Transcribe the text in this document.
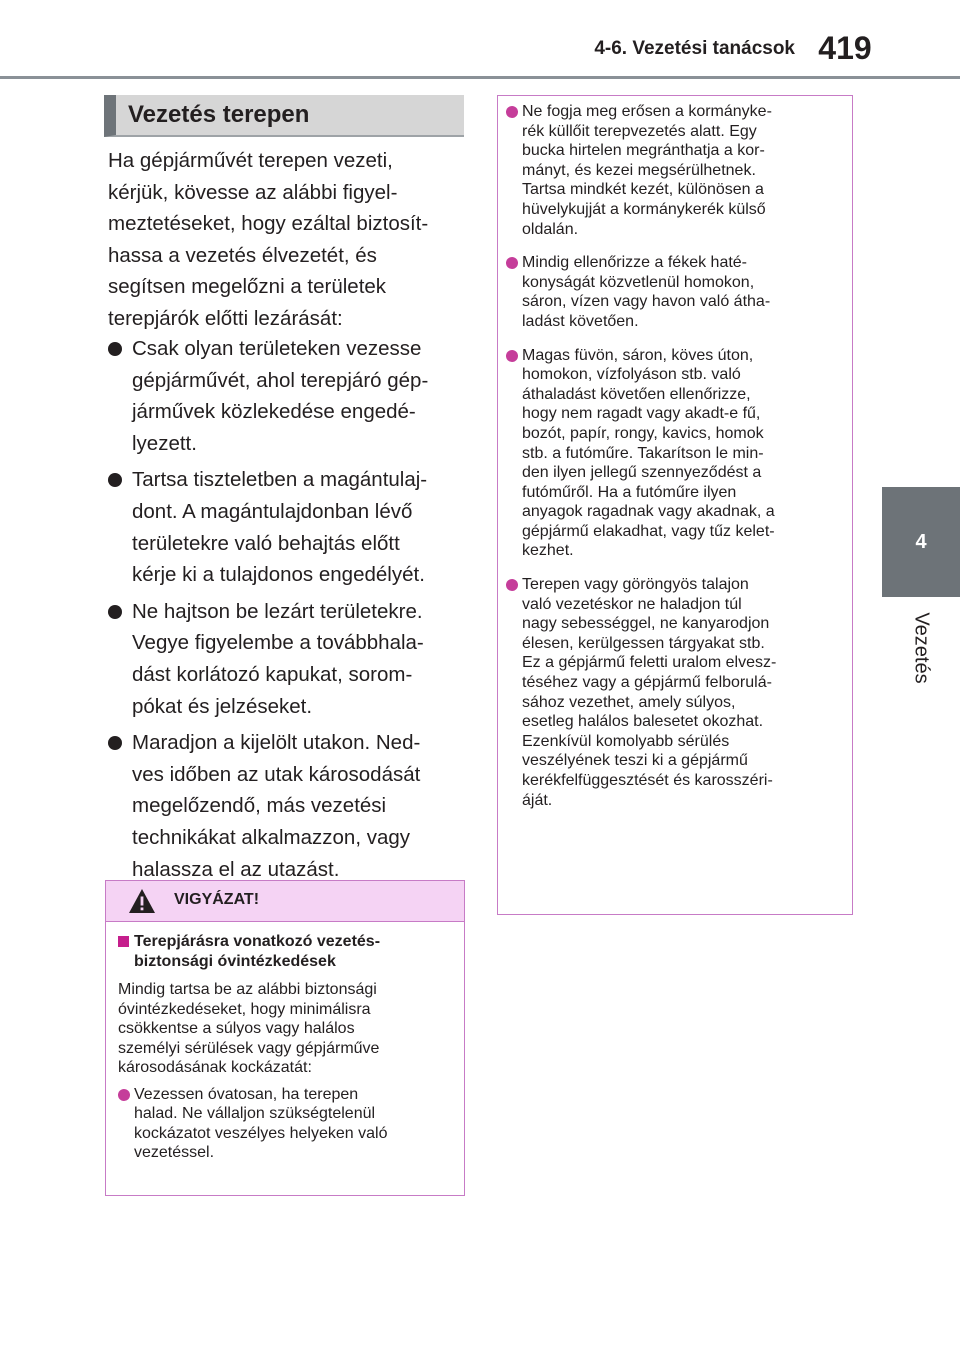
4-6. Vezetési tanácsok 419
4
Vezetés
Vezetés terepen

Ha gépjárművét terepen vezeti,
kérjük, kövesse az alábbi figyel-
meztetéseket, hogy ezáltal biztosít-
hassa a vezetés élvezetét, és
segítsen megelőzni a területek
terepjárók előtti lezárását:

Csak olyan területeken vezesse
gépjárművét, ahol terepjáró gép-
járművek közlekedése engedé-
lyezett.
Tartsa tiszteletben a magántulaj-
dont. A magántulajdonban lévő
területekre való behajtás előtt
kérje ki a tulajdonos engedélyét.
Ne hajtson be lezárt területekre.
Vegye figyelembe a továbbhala-
dást korlátozó kapukat, sorom-
pókat és jelzéseket.
Maradjon a kijelölt utakon. Ned-
ves időben az utak károsodását
megelőzendő, más vezetési
technikákat alkalmazzon, vagy
halassza el az utazást.
VIGYÁZAT!
Terepjárásra vonatkozó vezetés-
biztonsági óvintézkedések
Mindig tartsa be az alábbi biztonsági
óvintézkedéseket, hogy minimálisra
csökkentse a súlyos vagy halálos
személyi sérülések vagy gépjárműve
károsodásának kockázatát:
Vezessen óvatosan, ha terepen
halad. Ne vállaljon szükségtelenül
kockázatot veszélyes helyeken való
vezetéssel.
Ne fogja meg erősen a kormányke-
rék küllőit terepvezetés alatt. Egy
bucka hirtelen megránthatja a kor-
mányt, és kezei megsérülhetnek.
Tartsa mindkét kezét, különösen a
hüvelykujját a kormánykerék külső
oldalán.
Mindig ellenőrizze a fékek haté-
konyságát közvetlenül homokon,
sáron, vízen vagy havon való átha-
ladást követően.
Magas füvön, sáron, köves úton,
homokon, vízfolyáson stb. való
áthaladást követően ellenőrizze,
hogy nem ragadt vagy akadt-e fű,
bozót, papír, rongy, kavics, homok
stb. a futóműre. Takarítson le min-
den ilyen jellegű szennyeződést a
futóműről. Ha a futóműre ilyen
anyagok ragadnak vagy akadnak, a
gépjármű elakadhat, vagy tűz kelet-
kezhet.
Terepen vagy göröngyös talajon
való vezetéskor ne haladjon túl
nagy sebességgel, ne kanyarodjon
élesen, kerülgessen tárgyakat stb.
Ez a gépjármű feletti uralom elvesz-
téséhez vagy a gépjármű felborulá-
sához vezethet, amely súlyos,
esetleg halálos balesetet okozhat.
Ezenkívül komolyabb sérülés
veszélyének teszi ki a gépjármű
kerékfelfüggesztését és karosszéri-
áját.
